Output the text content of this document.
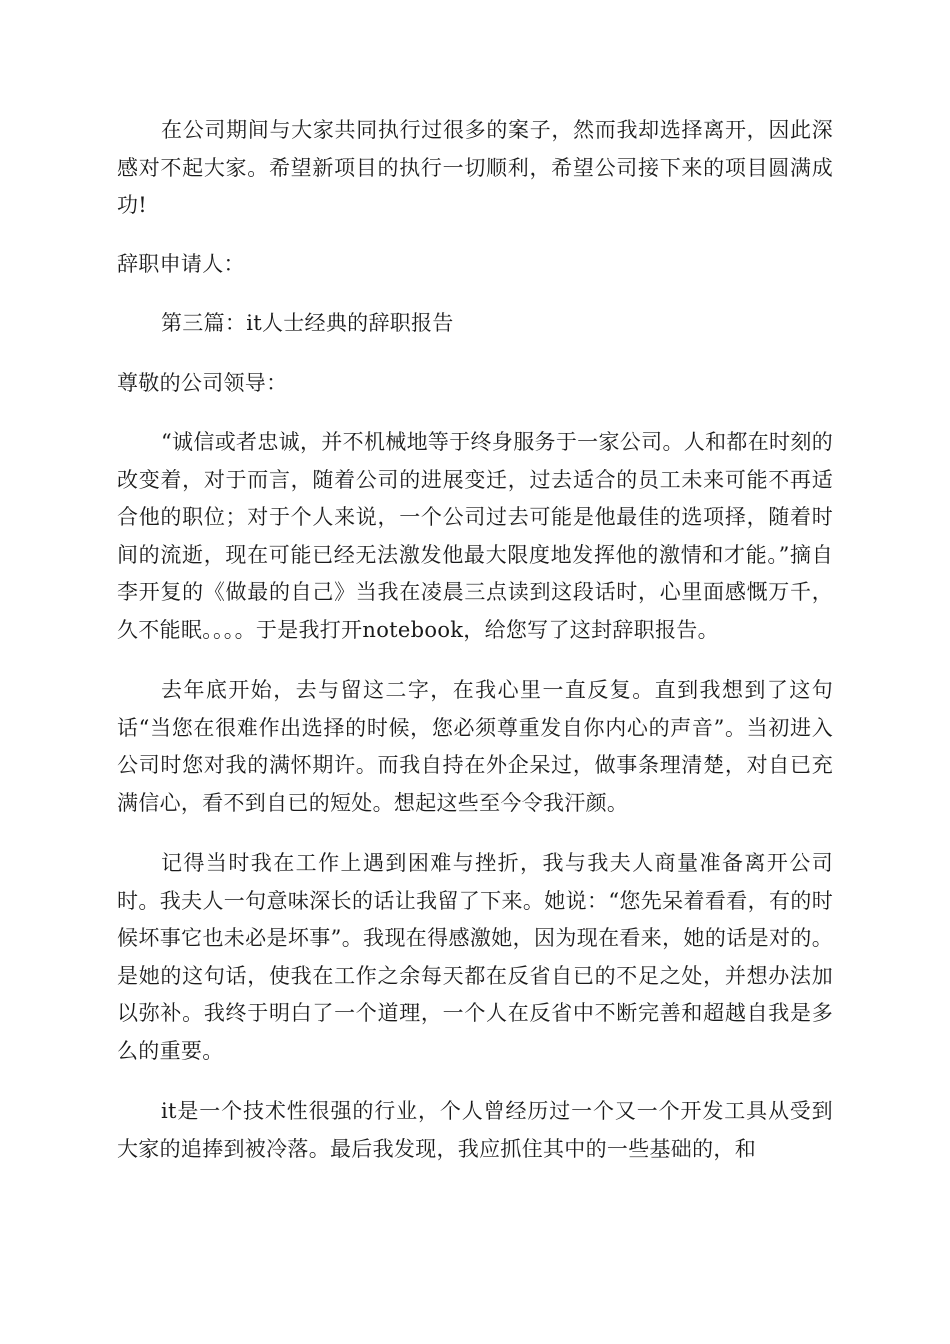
在公司期间与大家共同执行过很多的案子，然而我却选择离开，因此深感对不起大家。希望新项目的执行一切顺利，希望公司接下来的项目圆满成功!

辞职申请人：

第三篇：it人士经典的辞职报告

尊敬的公司领导：

“诚信或者忠诚，并不机械地等于终身服务于一家公司。人和都在时刻的改变着，对于而言，随着公司的进展变迁，过去适合的员工未来可能不再适合他的职位；对于个人来说，一个公司过去可能是他最佳的选项择，随着时间的流逝，现在可能已经无法激发他最大限度地发挥他的激情和才能。”摘自李开复的《做最的自己》当我在凌晨三点读到这段话时，心里面感慨万千，久不能眠。。。。于是我打开notebook，给您写了这封辞职报告。

去年底开始，去与留这二字，在我心里一直反复。直到我想到了这句话“当您在很难作出选择的时候，您必须尊重发自你内心的声音”。当初进入公司时您对我的满怀期许。而我自持在外企呆过，做事条理清楚，对自已充满信心，看不到自已的短处。想起这些至今令我汗颜。

记得当时我在工作上遇到困难与挫折，我与我夫人商量准备离开公司时。我夫人一句意味深长的话让我留了下来。她说：“您先呆着看看，有的时候坏事它也未必是坏事”。我现在得感激她，因为现在看来，她的话是对的。是她的这句话，使我在工作之余每天都在反省自已的不足之处，并想办法加以弥补。我终于明白了一个道理，一个人在反省中不断完善和超越自我是多么的重要。

it是一个技术性很强的行业，个人曾经历过一个又一个开发工具从受到大家的追捧到被冷落。最后我发现，我应抓住其中的一些基础的，和
